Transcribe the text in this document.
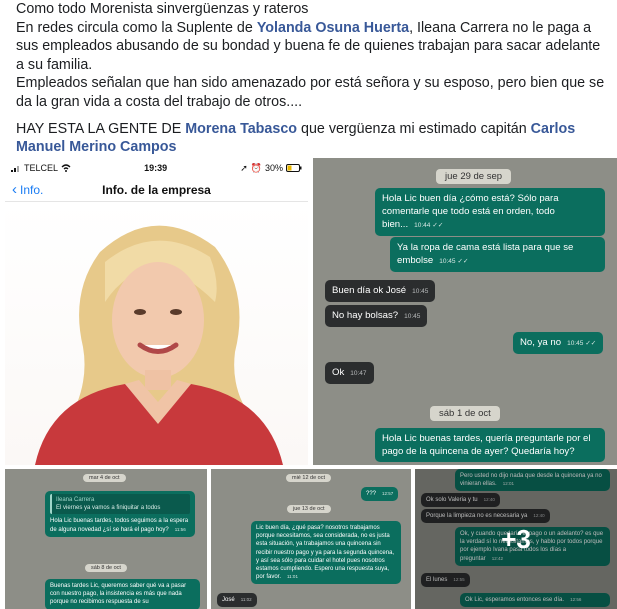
Como todo Morenista sinvergüenzas y rateros

En redes circula como la Suplente de Yolanda Osuna Huerta, Ileana Carrera no le paga a sus empleados abusando de su bondad y buena fe de quienes trabajan para sacar adelante a su familia.

Empleados señalan que han sido amenazado por está señora y su esposo, pero bien que se da la gran vida a costa del trabajo de otros....

HAY ESTA LA GENTE DE Morena Tabasco que vergüenza mi estimado capitán Carlos Manuel Merino Campos

TELCEL	19:39	➚ ⏰ 30%
‹ Info.	Info. de la empresa
jue 29 de sep
Hola Lic buen día ¿cómo está? Sólo para comentarle que todo está en orden, todo bien... 10:44 ✓✓
Ya la ropa de cama está lista para que se embolse 10:45 ✓✓
Buen día ok José 10:45
No hay bolsas? 10:45
No, ya no 10:45 ✓✓
Ok 10:47
sáb 1 de oct
Hola Lic buenas tardes, quería preguntarle por el pago de la quincena de ayer? Quedaría hoy?
mar 4 de oct
Ileana Carrera
El viernes ya vamos a finiquitar a todos
Hola Lic buenas tardes, todos seguimos a la espera de alguna novedad ¿sí se hará el pago hoy? 11:56
sáb 8 de oct
Buenas tardes Lic, queremos saber qué va a pasar con nuestro pago, la insistencia es más que nada porque no recibimos respuesta de su
mié 12 de oct
??? 12:57
jue 13 de oct
Lic buen día, ¿qué pasa? nosotros trabajamos porque necesitamos, sea considerada, no es justa esta situación, ya trabajamos una quincena sin recibir nuestro pago y ya para la segunda quincena, y así sea sólo para cuidar el hotel pues nosotros estamos cumpliendo. Espero una respuesta suya, por favor. 11:01
José 11:02
Pero usted no dijo nada que desde la quincena ya no vinieran ellas. 12:01
Ok solo Valeria y tu 12:40
Porque la limpieza no es necesaria ya 12:40
Ok, y cuando quedaría el pago o un adelanto? es que la verdad sí lo necesitamos, y hablo por todos porque por ejemplo Ivana pasa todos los días a preguntar 12:42
El lunes 12:55
Ok Lic, esperamos entonces ese día. 12:56
+3
